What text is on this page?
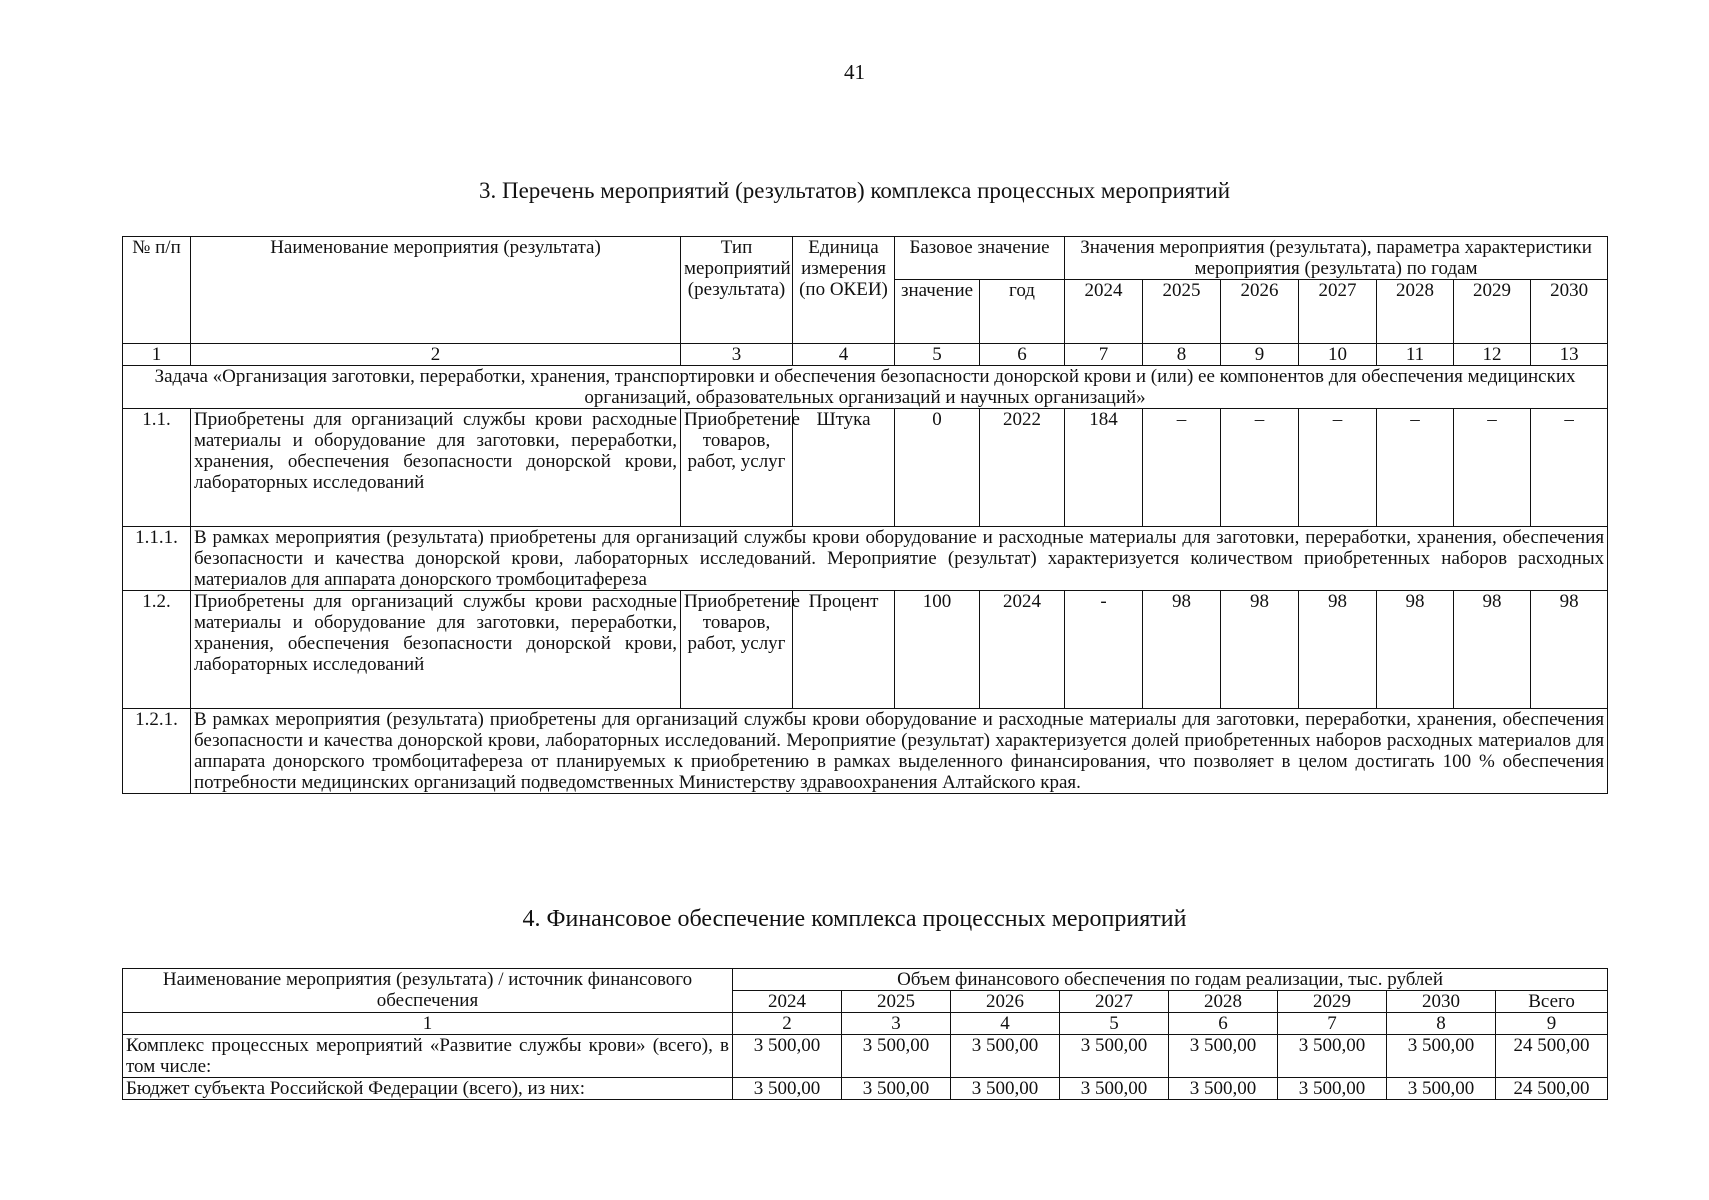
41
3. Перечень мероприятий (результатов) комплекса процессных мероприятий
№ п/п	Наименование мероприятия (результата)	Тип мероприятий (результата)	Единица измерения (по ОКЕИ)	Базовое значение		Значения мероприятия (результата), параметра характеристики мероприятия (результата) по годам						
				значение	год	2024	2025	2026	2027	2028	2029	2030
1	2	3	4	5	6	7	8	9	10	11	12	13
Задача «Организация заготовки, переработки, хранения, транспортировки и обеспечения безопасности донорской крови и (или) ее компонентов для обеспечения медицинских организаций, образовательных организаций и научных организаций»												
1.1.	Приобретены для организаций службы крови расходные материалы и оборудование для заготовки, переработки, хранения, обеспечения безопасности донорской крови, лабораторных исследований	Приобретение товаров, работ, услуг	Штука	0	2022	184	–	–	–	–	–	–
1.1.1.	В рамках мероприятия (результата) приобретены для организаций службы крови оборудование и расходные материалы для заготовки, переработки, хранения, обеспечения безопасности и качества донорской крови, лабораторных исследований. Мероприятие (результат) характеризуется количеством приобретенных наборов расходных материалов для аппарата донорского тромбоцитафереза											
1.2.	Приобретены для организаций службы крови расходные материалы и оборудование для заготовки, переработки, хранения, обеспечения безопасности донорской крови, лабораторных исследований	Приобретение товаров, работ, услуг	Процент	100	2024	-	98	98	98	98	98	98
1.2.1.	В рамках мероприятия (результата) приобретены для организаций службы крови оборудование и расходные материалы для заготовки, переработки, хранения, обеспечения безопасности и качества донорской крови, лабораторных исследований. Мероприятие (результат) характеризуется долей приобретенных наборов расходных материалов для аппарата донорского тромбоцитафереза от планируемых к приобретению в рамках выделенного финансирования, что позволяет в целом достигать 100 % обеспечения потребности медицинских организаций подведомственных Министерству здравоохранения Алтайского края.											
4. Финансовое обеспечение комплекса процессных мероприятий
Наименование мероприятия (результата) / источник финансового обеспечения	Объем финансового обеспечения по годам реализации, тыс. рублей							
	2024	2025	2026	2027	2028	2029	2030	Всего
1	2	3	4	5	6	7	8	9
Комплекс процессных мероприятий «Развитие службы крови» (всего), в том числе:	3 500,00	3 500,00	3 500,00	3 500,00	3 500,00	3 500,00	3 500,00	24 500,00
Бюджет субъекта Российской Федерации (всего), из них:	3 500,00	3 500,00	3 500,00	3 500,00	3 500,00	3 500,00	3 500,00	24 500,00
